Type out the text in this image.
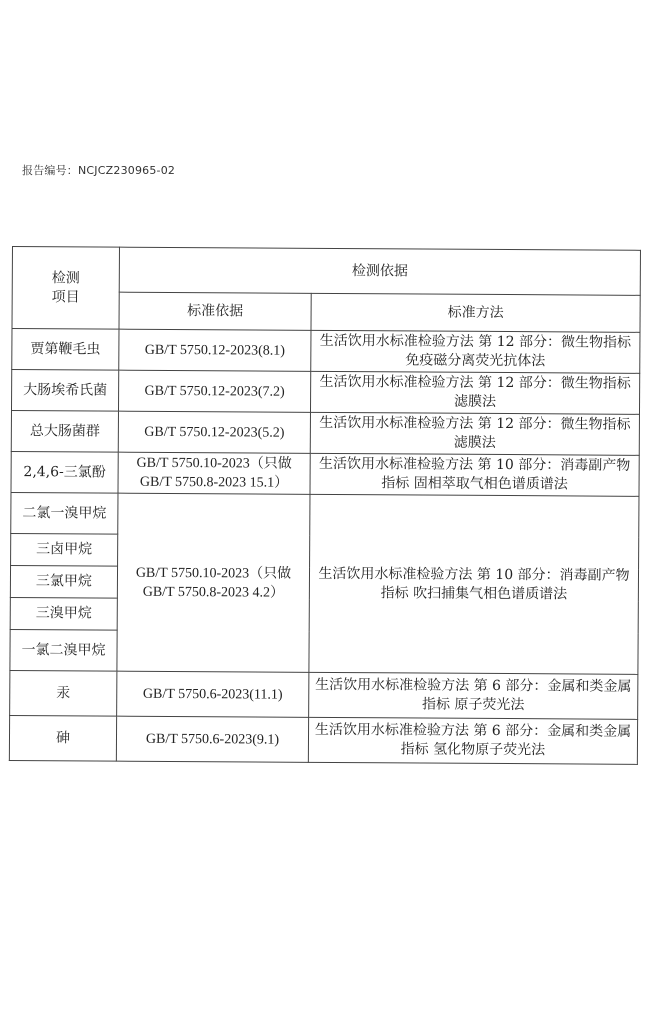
报告编号：NCJCZ230965-02
检测
项目	检测依据	
	标准依据	标准方法
贾第鞭毛虫	GB/T 5750.12-2023(8.1)	生活饮用水标准检验方法 第 12 部分：微生物指标 免疫磁分离荧光抗体法
大肠埃希氏菌	GB/T 5750.12-2023(7.2)	生活饮用水标准检验方法 第 12 部分：微生物指标 滤膜法
总大肠菌群	GB/T 5750.12-2023(5.2)	生活饮用水标准检验方法 第 12 部分：微生物指标 滤膜法
2,4,6-三氯酚	GB/T 5750.10-2023（只做GB/T 5750.8-2023 15.1）	生活饮用水标准检验方法 第 10 部分：消毒副产物指标 固相萃取气相色谱质谱法
二氯一溴甲烷	GB/T 5750.10-2023（只做GB/T 5750.8-2023 4.2）	生活饮用水标准检验方法 第 10 部分：消毒副产物指标 吹扫捕集气相色谱质谱法
三卤甲烷		
三氯甲烷		
三溴甲烷		
一氯二溴甲烷		
汞	GB/T 5750.6-2023(11.1)	生活饮用水标准检验方法 第 6 部分：金属和类金属指标 原子荧光法
砷	GB/T 5750.6-2023(9.1)	生活饮用水标准检验方法 第 6 部分：金属和类金属指标 氢化物原子荧光法
